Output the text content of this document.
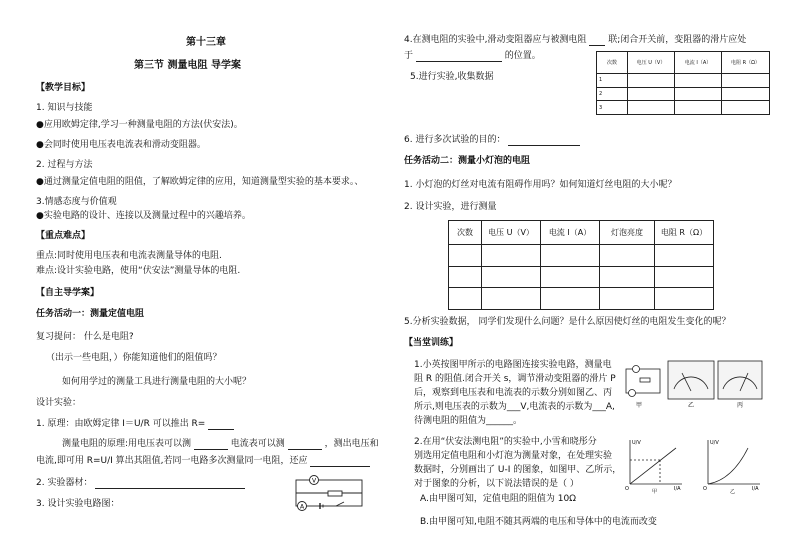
第十三章
第三节 测量电阻 导学案
【教学目标】
1. 知识与技能
●应用欧姆定律,学习一种测量电阻的方法(伏安法)。
●会同时使用电压表电流表和滑动变阻器。
2. 过程与方法
●通过测量定值电阻的阻值，了解欧姆定律的应用，知道测量型实验的基本要求。、
3.情感态度与价值观
●实验电路的设计、连接以及测量过程中的兴趣培养。
【重点难点】
重点:同时使用电压表和电流表测量导体的电阻.
难点:设计实验电路，使用“伏安法”测量导体的电阻.
【自主导学案】
任务活动一：测量定值电阻
复习提问： 什么是电阻?
（出示一些电阻，）你能知道他们的阻值吗？
如何用学过的测量工具进行测量电阻的大小呢？
设计实验：
1. 原理：由欧姆定律 I＝U/R 可以推出 R=
测量电阻的原理:用电压表可以测	电流表可以测	，测出电压和
电流,即可用 R=U/I 算出其阻值,若同一电路多次测量同一电阻，还应
2. 实验器材：
3. 设计实验电路图：
V
A
4.在测电阻的实验中,滑动变阻器应与被测电阻 联;闭合开关前，变阻器的滑片应处
于	的位置。
5.进行实验,收集数据
次数	电压 U（V）	电流 I（A）	电阻 R（Ω）
1			
2			
3			
6. 进行多次试验的目的：
任务活动二：测量小灯泡的电阻
1. 小灯泡的灯丝对电流有阻碍作用吗？如何知道灯丝电阻的大小呢？
2. 设计实验，进行测量
次数	电压 U（V）	电流 I（A）	灯泡亮度	电阻 R（Ω）

5.分析实验数据， 同学们发现什么问题？是什么原因使灯丝的电阻发生变化的呢？
【当堂训练】
1.小英按图甲所示的电路图连接实验电路，测量电
阻 R 的阻值.闭合开关 s，调节滑动变阻器的滑片 P
后，观察到电压表和电流表的示数分别如图乙、丙
所示,则电压表的示数为___V,电流表的示数为___A,
待测电阻的阻值为______。
甲	乙	丙
2.在用“伏安法测电阻”的实验中,小雪和晓彤分
别选用定值电阻和小灯泡为测量对象，在处理实验
数据时，分别画出了 U-I 的图象，如图甲、乙所示，
对于图象的分析，以下说法错误的是（ ）
A.由甲图可知，定值电阻的阻值为 10Ω
B.由甲图可知,电阻不随其两端的电压和导体中的电流而改变
U/V
I/A
O	甲
U/V
I/A
O	乙
